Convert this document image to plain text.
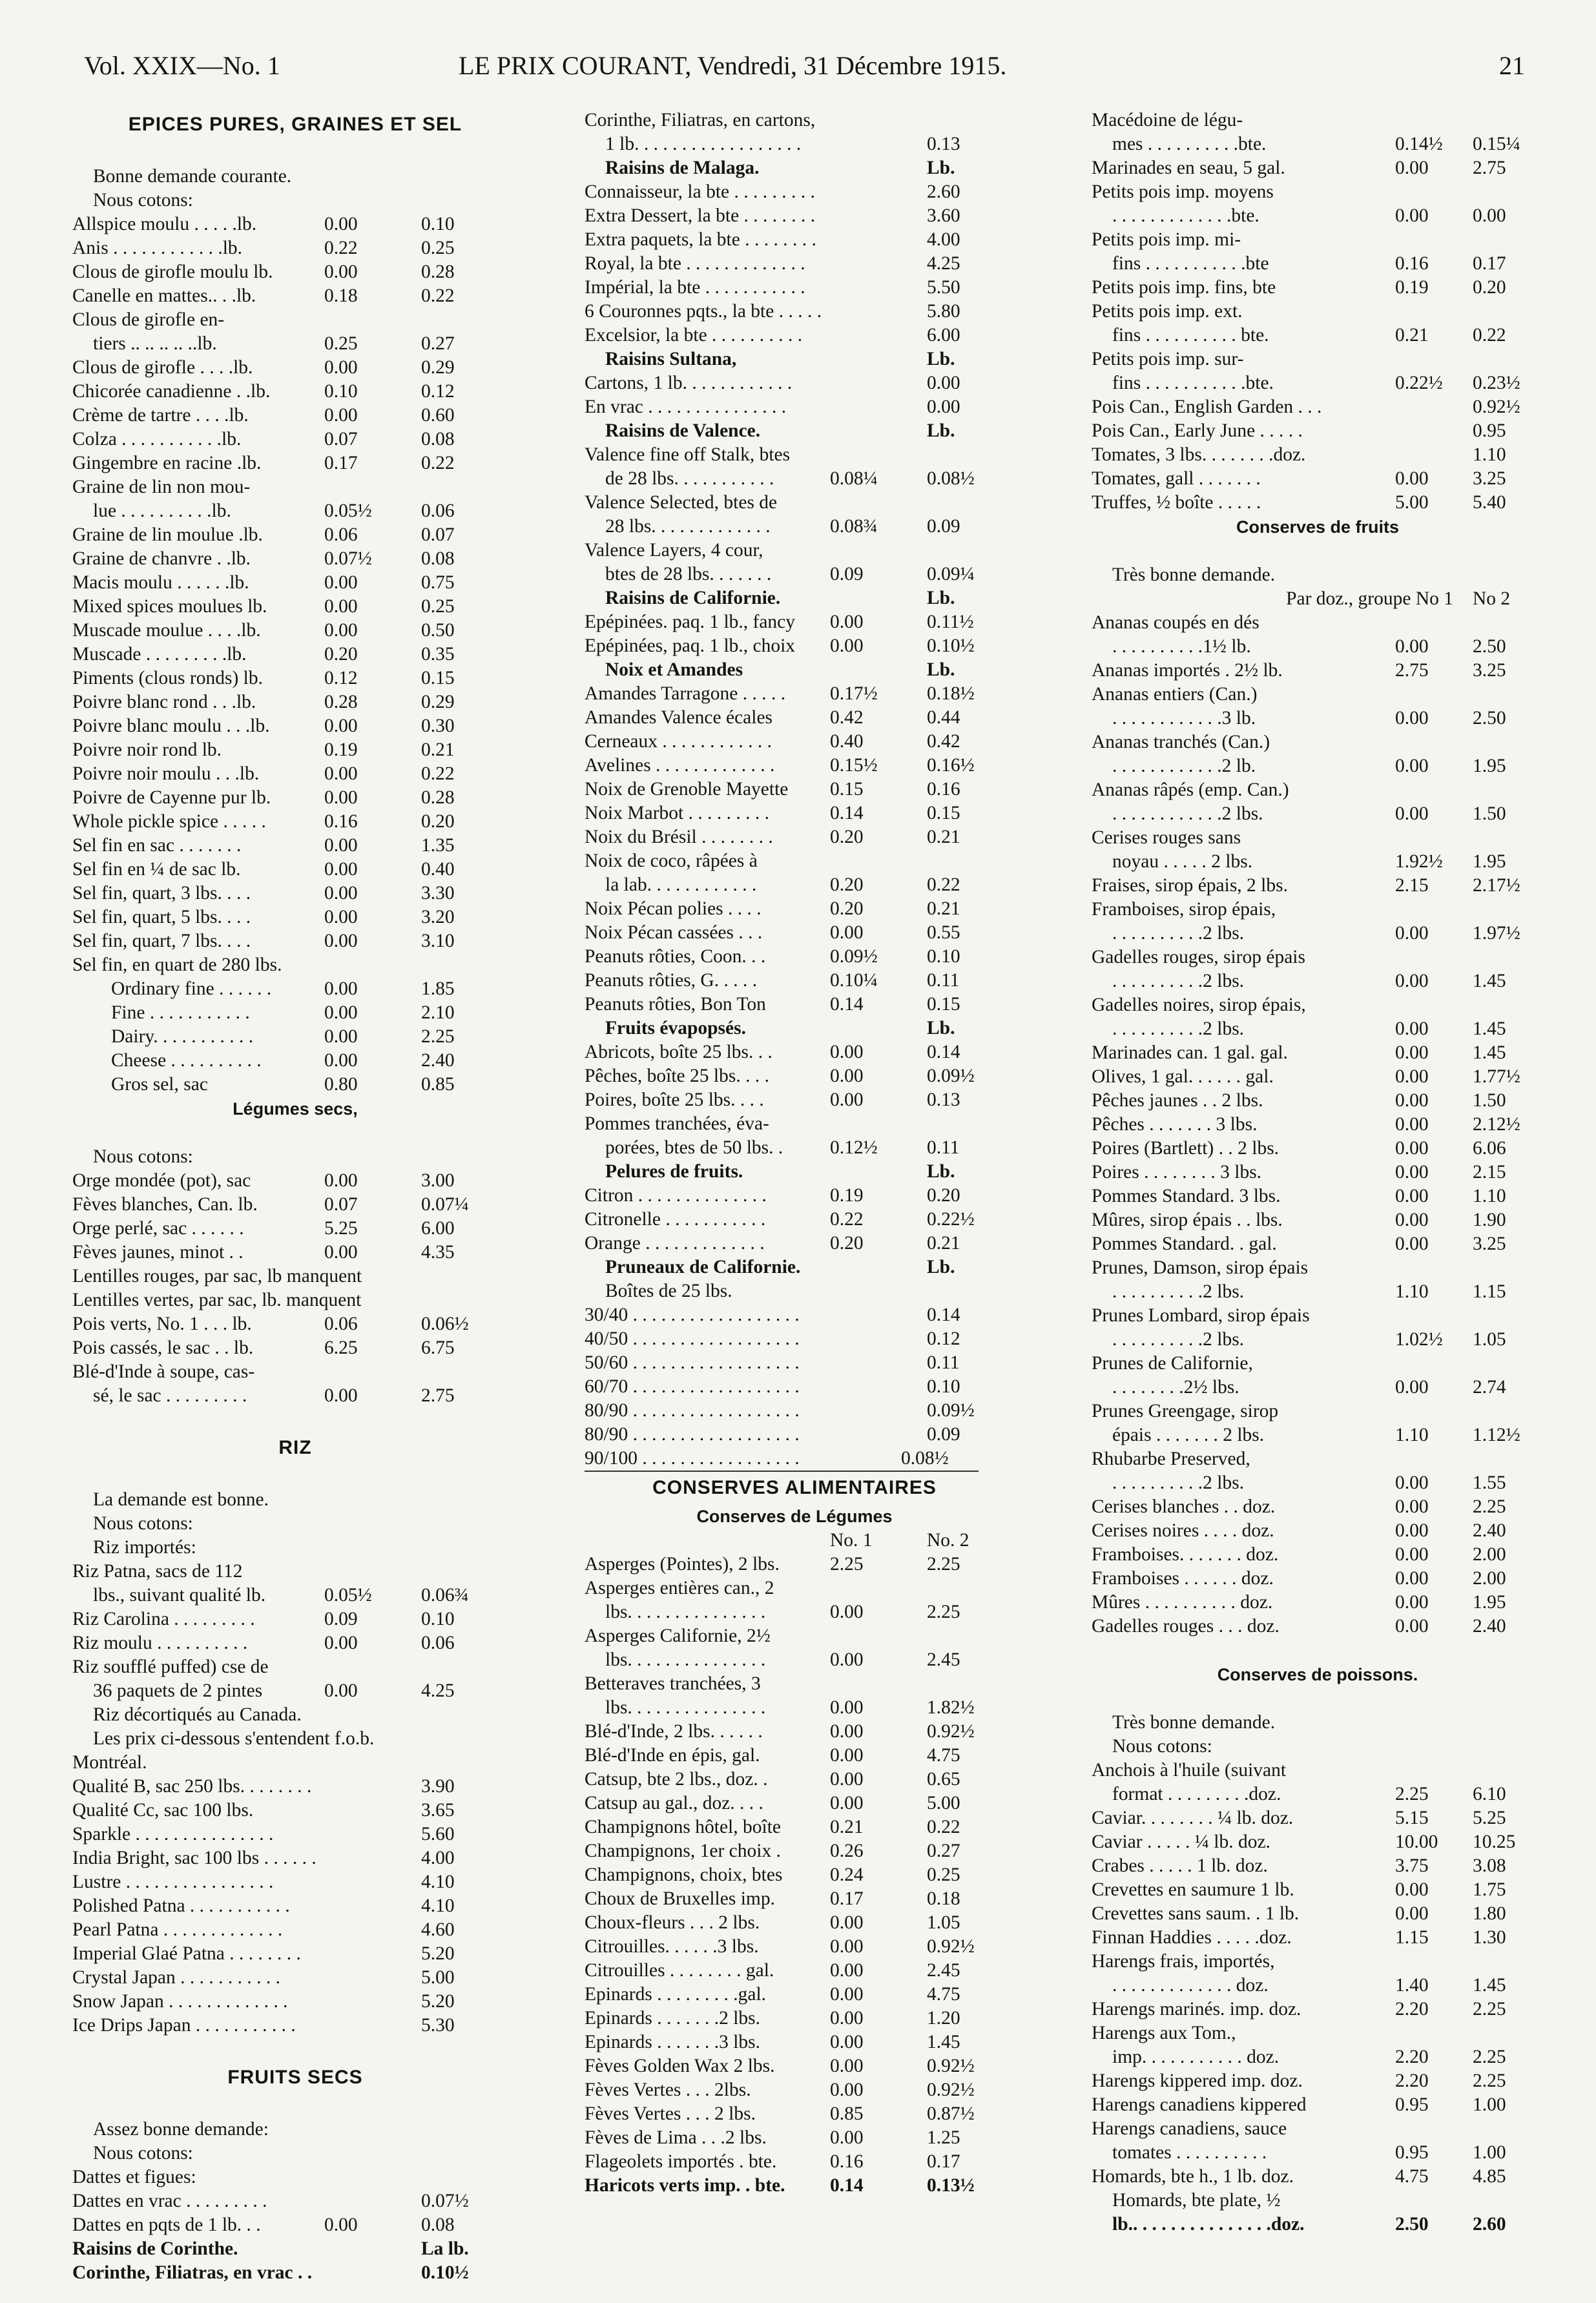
Vol. XXIX—No. 1	LE PRIX COURANT, Vendredi, 31 Décembre 1915.	21
EPICES PURES, GRAINES ET SEL
Bonne demande courante.
Nous cotons:
Allspice moulu . . . . .lb.	0.00	0.10
Anis . . . . . . . . . . . .lb.	0.22	0.25
Clous de girofle moulu lb.	0.00	0.28
Canelle en mattes.. . .lb.	0.18	0.22
Clous de girofle en-
tiers .. .. .. .. ..lb.	0.25	0.27
Clous de girofle . . . .lb.	0.00	0.29
Chicorée canadienne . .lb.	0.10	0.12
Crème de tartre . . . .lb.	0.00	0.60
Colza . . . . . . . . . . .lb.	0.07	0.08
Gingembre en racine .lb.	0.17	0.22
Graine de lin non mou-
lue . . . . . . . . . .lb.	0.05½	0.06
Graine de lin moulue .lb.	0.06	0.07
Graine de chanvre . .lb.	0.07½	0.08
Macis moulu . . . . . .lb.	0.00	0.75
Mixed spices moulues lb.	0.00	0.25
Muscade moulue . . . .lb.	0.00	0.50
Muscade . . . . . . . . .lb.	0.20	0.35
Piments (clous ronds) lb.	0.12	0.15
Poivre blanc rond . . .lb.	0.28	0.29
Poivre blanc moulu . . .lb.	0.00	0.30
Poivre noir rond lb.	0.19	0.21
Poivre noir moulu . . .lb.	0.00	0.22
Poivre de Cayenne pur lb.	0.00	0.28
Whole pickle spice . . . . .	0.16	0.20
Sel fin en sac . . . . . . .	0.00	1.35
Sel fin en ¼ de sac lb.	0.00	0.40
Sel fin, quart, 3 lbs. . . .	0.00	3.30
Sel fin, quart, 5 lbs. . . .	0.00	3.20
Sel fin, quart, 7 lbs. . . .	0.00	3.10
Sel fin, en quart de 280 lbs.
Ordinary fine . . . . . .	0.00	1.85
Fine . . . . . . . . . . .	0.00	2.10
Dairy. . . . . . . . . . .	0.00	2.25
Cheese . . . . . . . . . .	0.00	2.40
Gros sel, sac	0.80	0.85
Légumes secs,
Nous cotons:
Orge mondée (pot), sac	0.00	3.00
Fèves blanches, Can. lb.	0.07	0.07¼
Orge perlé, sac . . . . . .	5.25	6.00
Fèves jaunes, minot . .	0.00	4.35
Lentilles rouges, par sac, lb manquent
Lentilles vertes, par sac, lb. manquent
Pois verts, No. 1 . . . lb.	0.06	0.06½
Pois cassés, le sac . . lb.	6.25	6.75
Blé-d'Inde à soupe, cas-
sé, le sac . . . . . . . . .	0.00	2.75
RIZ
La demande est bonne.
Nous cotons:
Riz importés:
Riz Patna, sacs de 112
lbs., suivant qualité lb.	0.05½	0.06¾
Riz Carolina . . . . . . . . .	0.09	0.10
Riz moulu . . . . . . . . . .	0.00	0.06
Riz soufflé puffed) cse de
36 paquets de 2 pintes	0.00	4.25
Riz décortiqués au Canada.
Les prix ci-dessous s'entendent f.o.b.
Montréal.
Qualité B, sac 250 lbs. . . . . . . .	3.90
Qualité Cc, sac 100 lbs.	3.65
Sparkle . . . . . . . . . . . . . . .	5.60
India Bright, sac 100 lbs . . . . . .	4.00
Lustre . . . . . . . . . . . . . . . .	4.10
Polished Patna . . . . . . . . . . .	4.10
Pearl Patna . . . . . . . . . . . . .	4.60
Imperial Glaé Patna . . . . . . . .	5.20
Crystal Japan . . . . . . . . . . .	5.00
Snow Japan . . . . . . . . . . . . .	5.20
Ice Drips Japan . . . . . . . . . . .	5.30
FRUITS SECS
Assez bonne demande:
Nous cotons:
Dattes et figues:
Dattes en vrac . . . . . . . . .	0.07½
Dattes en pqts de 1 lb. . .	0.00	0.08
Raisins de Corinthe.	La lb.
Corinthe, Filiatras, en vrac . .	0.10½
Corinthe, Filiatras, en cartons,
1 lb. . . . . . . . . . . . . . . . . .	0.13
Raisins de Malaga.	Lb.
Connaisseur, la bte . . . . . . . . .	2.60
Extra Dessert, la bte . . . . . . . .	3.60
Extra paquets, la bte . . . . . . . .	4.00
Royal, la bte . . . . . . . . . . . . .	4.25
Impérial, la bte . . . . . . . . . . .	5.50
6 Couronnes pqts., la bte . . . . .	5.80
Excelsior, la bte . . . . . . . . . .	6.00
Raisins Sultana,	Lb.
Cartons, 1 lb. . . . . . . . . . . .	0.00
En vrac . . . . . . . . . . . . . . .	0.00
Raisins de Valence.	Lb.
Valence fine off Stalk, btes
de 28 lbs. . . . . . . . . . .	0.08¼	0.08½
Valence Selected, btes de
28 lbs. . . . . . . . . . . . .	0.08¾	0.09
Valence Layers, 4 cour,
btes de 28 lbs. . . . . . .	0.09	0.09¼
Raisins de Californie.	Lb.
Epépinées. paq. 1 lb., fancy	0.00	0.11½
Epépinées, paq. 1 lb., choix	0.00	0.10½
Noix et Amandes	Lb.
Amandes Tarragone . . . . .	0.17½	0.18½
Amandes Valence écales	0.42	0.44
Cerneaux . . . . . . . . . . . .	0.40	0.42
Avelines . . . . . . . . . . . . .	0.15½	0.16½
Noix de Grenoble Mayette	0.15	0.16
Noix Marbot . . . . . . . . .	0.14	0.15
Noix du Brésil . . . . . . . .	0.20	0.21
Noix de coco, râpées à
la lab. . . . . . . . . . . .	0.20	0.22
Noix Pécan polies . . . .	0.20	0.21
Noix Pécan cassées . . .	0.00	0.55
Peanuts rôties, Coon. . .	0.09½	0.10
Peanuts rôties, G. . . . .	0.10¼	0.11
Peanuts rôties, Bon Ton	0.14	0.15
Fruits évapopsés.	Lb.
Abricots, boîte 25 lbs. . .	0.00	0.14
Pêches, boîte 25 lbs. . . .	0.00	0.09½
Poires, boîte 25 lbs. . . .	0.00	0.13
Pommes tranchées, éva-
porées, btes de 50 lbs. .	0.12½	0.11
Pelures de fruits.	Lb.
Citron . . . . . . . . . . . . . .	0.19	0.20
Citronelle . . . . . . . . . . .	0.22	0.22½
Orange . . . . . . . . . . . . .	0.20	0.21
Pruneaux de Californie.	Lb.
Boîtes de 25 lbs.
30/40 . . . . . . . . . . . . . . . . . .	0.14
40/50 . . . . . . . . . . . . . . . . . .	0.12
50/60 . . . . . . . . . . . . . . . . . .	0.11
60/70 . . . . . . . . . . . . . . . . . .	0.10
80/90 . . . . . . . . . . . . . . . . . .	0.09½
80/90 . . . . . . . . . . . . . . . . . .	0.09
90/100 . . . . . . . . . . . . . . . . .	0.08½
CONSERVES ALIMENTAIRES
Conserves de Légumes
No. 1	No. 2
Asperges (Pointes), 2 lbs.	2.25	2.25
Asperges entières can., 2
lbs. . . . . . . . . . . . . . .	0.00	2.25
Asperges Californie, 2½
lbs. . . . . . . . . . . . . . .	0.00	2.45
Betteraves tranchées, 3
lbs. . . . . . . . . . . . . . .	0.00	1.82½
Blé-d'Inde, 2 lbs. . . . . .	0.00	0.92½
Blé-d'Inde en épis, gal.	0.00	4.75
Catsup, bte 2 lbs., doz. .	0.00	0.65
Catsup au gal., doz. . . .	0.00	5.00
Champignons hôtel, boîte	0.21	0.22
Champignons, 1er choix .	0.26	0.27
Champignons, choix, btes	0.24	0.25
Choux de Bruxelles imp.	0.17	0.18
Choux-fleurs . . . 2 lbs.	0.00	1.05
Citrouilles. . . . . .3 lbs.	0.00	0.92½
Citrouilles . . . . . . . . gal.	0.00	2.45
Epinards . . . . . . . . .gal.	0.00	4.75
Epinards . . . . . . .2 lbs.	0.00	1.20
Epinards . . . . . . .3 lbs.	0.00	1.45
Fèves Golden Wax 2 lbs.	0.00	0.92½
Fèves Vertes . . . 2lbs.	0.00	0.92½
Fèves Vertes . . . 2 lbs.	0.85	0.87½
Fèves de Lima . . .2 lbs.	0.00	1.25
Flageolets importés . bte.	0.16	0.17
Haricots verts imp. . bte.	0.14	0.13½
Macédoine de légu-
mes . . . . . . . . . .bte.	0.14½	0.15¼
Marinades en seau, 5 gal.	0.00	2.75
Petits pois imp. moyens
. . . . . . . . . . . . .bte.	0.00	0.00
Petits pois imp. mi-
fins . . . . . . . . . . .bte	0.16	0.17
Petits pois imp. fins, bte	0.19	0.20
Petits pois imp. ext.
fins . . . . . . . . . . bte.	0.21	0.22
Petits pois imp. sur-
fins . . . . . . . . . . .bte.	0.22½	0.23½
Pois Can., English Garden . . .	0.92½
Pois Can., Early June . . . . .	0.95
Tomates, 3 lbs. . . . . . . .doz.	1.10
Tomates, gall . . . . . . .	0.00	3.25
Truffes, ½ boîte . . . . .	5.00	5.40
Conserves de fruits
Très bonne demande.
Par doz., groupe No 1	No 2
Ananas coupés en dés
. . . . . . . . . .1½ lb.	0.00	2.50
Ananas importés . 2½ lb.	2.75	3.25
Ananas entiers (Can.)
. . . . . . . . . . . .3 lb.	0.00	2.50
Ananas tranchés (Can.)
. . . . . . . . . . . .2 lb.	0.00	1.95
Ananas râpés (emp. Can.)
. . . . . . . . . . . .2 lbs.	0.00	1.50
Cerises rouges sans
noyau . . . . . 2 lbs.	1.92½	1.95
Fraises, sirop épais, 2 lbs.	2.15	2.17½
Framboises, sirop épais,
. . . . . . . . . .2 lbs.	0.00	1.97½
Gadelles rouges, sirop épais
. . . . . . . . . .2 lbs.	0.00	1.45
Gadelles noires, sirop épais,
. . . . . . . . . .2 lbs.	0.00	1.45
Marinades can. 1 gal. gal.	0.00	1.45
Olives, 1 gal. . . . . . gal.	0.00	1.77½
Pêches jaunes . . 2 lbs.	0.00	1.50
Pêches . . . . . . . 3 lbs.	0.00	2.12½
Poires (Bartlett) . . 2 lbs.	0.00	6.06
Poires . . . . . . . . 3 lbs.	0.00	2.15
Pommes Standard. 3 lbs.	0.00	1.10
Mûres, sirop épais . . lbs.	0.00	1.90
Pommes Standard. . gal.	0.00	3.25
Prunes, Damson, sirop épais
. . . . . . . . . .2 lbs.	1.10	1.15
Prunes Lombard, sirop épais
. . . . . . . . . .2 lbs.	1.02½	1.05
Prunes de Californie,
. . . . . . . .2½ lbs.	0.00	2.74
Prunes Greengage, sirop
épais . . . . . . . 2 lbs.	1.10	1.12½
Rhubarbe Preserved,
. . . . . . . . . .2 lbs.	0.00	1.55
Cerises blanches . . doz.	0.00	2.25
Cerises noires . . . . doz.	0.00	2.40
Framboises. . . . . . . doz.	0.00	2.00
Framboises . . . . . . doz.	0.00	2.00
Mûres . . . . . . . . . . doz.	0.00	1.95
Gadelles rouges . . . doz.	0.00	2.40
Conserves de poissons.
Très bonne demande.
Nous cotons:
Anchois à l'huile (suivant
format . . . . . . . . .doz.	2.25	6.10
Caviar. . . . . . . . ¼ lb. doz.	5.15	5.25
Caviar . . . . . ¼ lb. doz.	10.00	10.25
Crabes . . . . . 1 lb. doz.	3.75	3.08
Crevettes en saumure 1 lb.	0.00	1.75
Crevettes sans saum. . 1 lb.	0.00	1.80
Finnan Haddies . . . . .doz.	1.15	1.30
Harengs frais, importés,
. . . . . . . . . . . . . doz.	1.40	1.45
Harengs marinés. imp. doz.	2.20	2.25
Harengs aux Tom.,
imp. . . . . . . . . . . doz.	2.20	2.25
Harengs kippered imp. doz.	2.20	2.25
Harengs canadiens kippered	0.95	1.00
Harengs canadiens, sauce
tomates . . . . . . . . . .	0.95	1.00
Homards, bte h., 1 lb. doz.	4.75	4.85
Homards, bte plate, ½
lb.. . . . . . . . . . . . . . .doz.	2.50	2.60
